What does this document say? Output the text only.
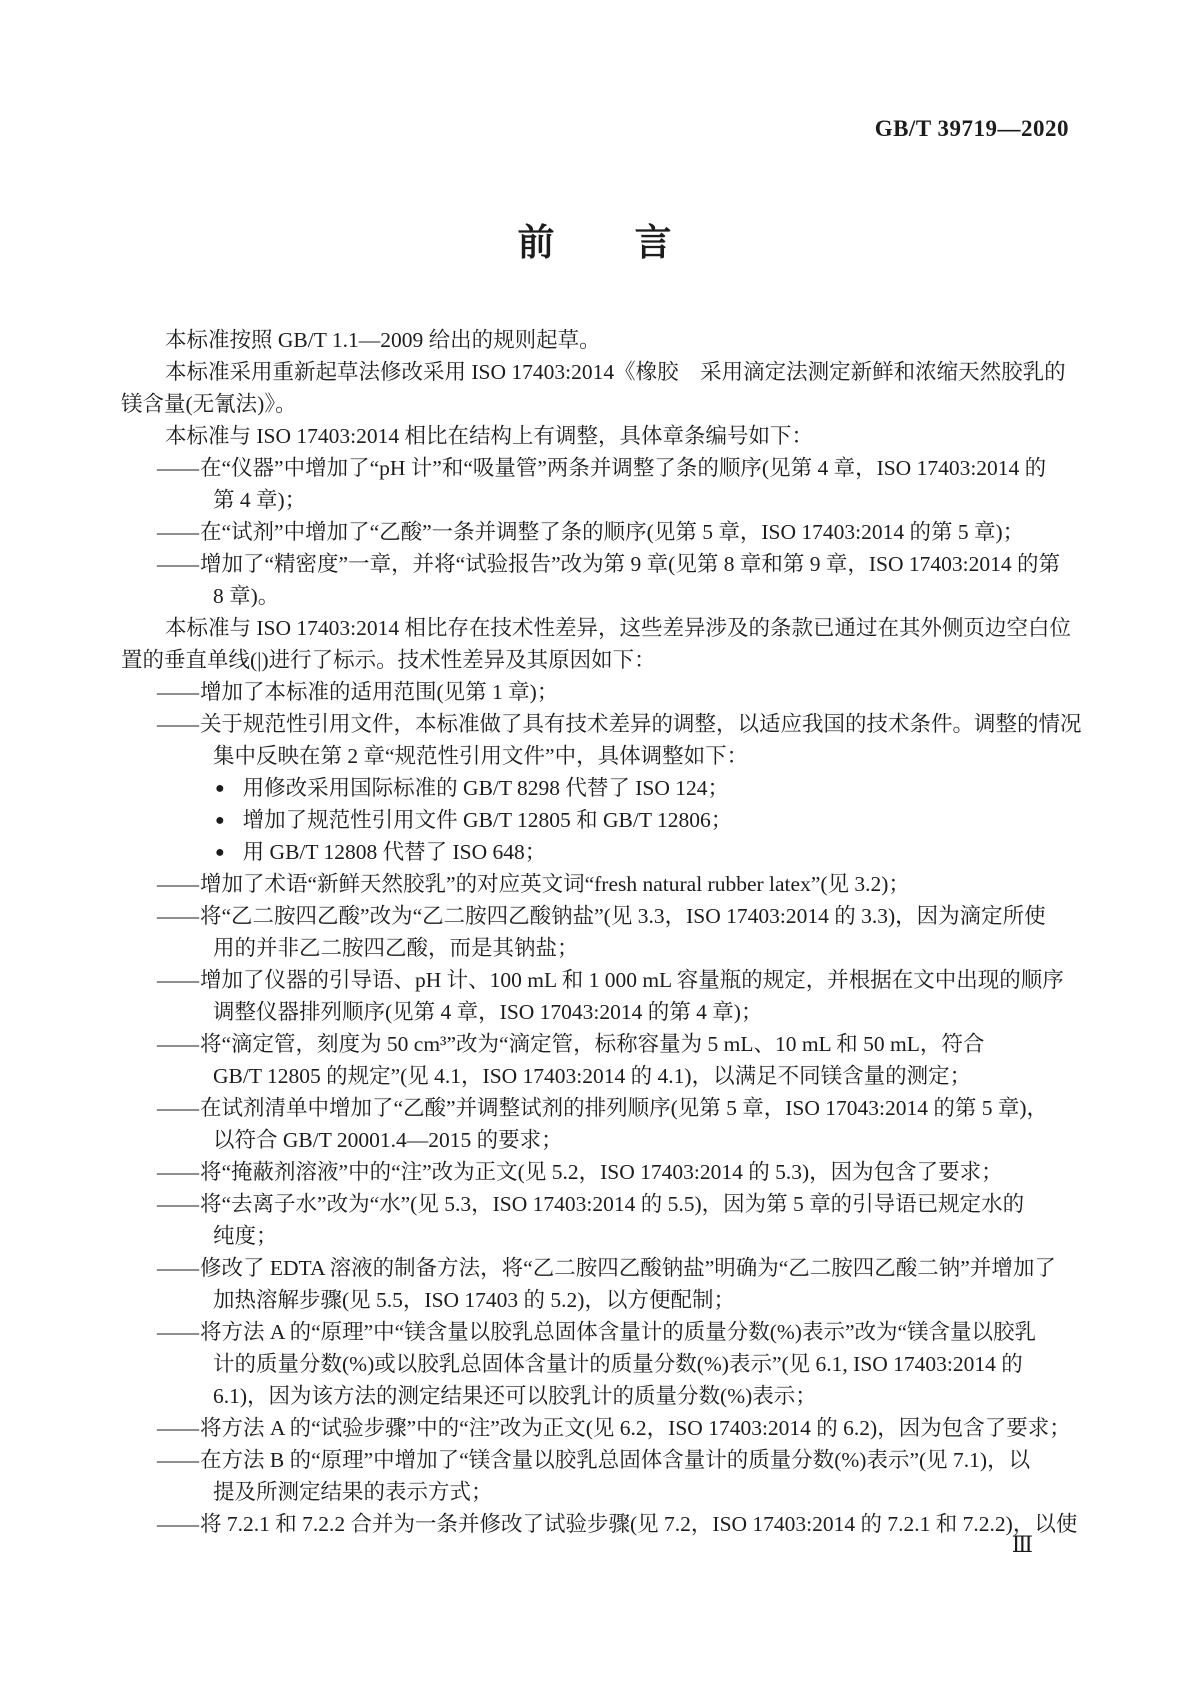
GB/T 39719—2020
前　　言
本标准按照 GB/T 1.1—2009 给出的规则起草。
本标准采用重新起草法修改采用 ISO 17403:2014《橡胶　采用滴定法测定新鲜和浓缩天然胶乳的
镁含量(无氰法)》。
本标准与 ISO 17403:2014 相比在结构上有调整，具体章条编号如下：
——在“仪器”中增加了“pH 计”和“吸量管”两条并调整了条的顺序(见第 4 章，ISO 17403:2014 的
第 4 章)；
——在“试剂”中增加了“乙酸”一条并调整了条的顺序(见第 5 章，ISO 17403:2014 的第 5 章)；
——增加了“精密度”一章，并将“试验报告”改为第 9 章(见第 8 章和第 9 章，ISO 17403:2014 的第
8 章)。
本标准与 ISO 17403:2014 相比存在技术性差异，这些差异涉及的条款已通过在其外侧页边空白位
置的垂直单线(|)进行了标示。技术性差异及其原因如下：
——增加了本标准的适用范围(见第 1 章)；
——关于规范性引用文件，本标准做了具有技术差异的调整，以适应我国的技术条件。调整的情况
集中反映在第 2 章“规范性引用文件”中，具体调整如下：
● 用修改采用国际标准的 GB/T 8298 代替了 ISO 124；
● 增加了规范性引用文件 GB/T 12805 和 GB/T 12806；
● 用 GB/T 12808 代替了 ISO 648；
——增加了术语“新鲜天然胶乳”的对应英文词“fresh natural rubber latex”(见 3.2)；
——将“乙二胺四乙酸”改为“乙二胺四乙酸钠盐”(见 3.3，ISO 17403:2014 的 3.3)，因为滴定所使
用的并非乙二胺四乙酸，而是其钠盐；
——增加了仪器的引导语、pH 计、100 mL 和 1 000 mL 容量瓶的规定，并根据在文中出现的顺序
调整仪器排列顺序(见第 4 章，ISO 17043:2014 的第 4 章)；
——将“滴定管，刻度为 50 cm³”改为“滴定管，标称容量为 5 mL、10 mL 和 50 mL，符合
GB/T 12805 的规定”(见 4.1，ISO 17403:2014 的 4.1)，以满足不同镁含量的测定；
——在试剂清单中增加了“乙酸”并调整试剂的排列顺序(见第 5 章，ISO 17043:2014 的第 5 章)，
以符合 GB/T 20001.4—2015 的要求；
——将“掩蔽剂溶液”中的“注”改为正文(见 5.2，ISO 17403:2014 的 5.3)，因为包含了要求；
——将“去离子水”改为“水”(见 5.3，ISO 17403:2014 的 5.5)，因为第 5 章的引导语已规定水的
纯度；
——修改了 EDTA 溶液的制备方法，将“乙二胺四乙酸钠盐”明确为“乙二胺四乙酸二钠”并增加了
加热溶解步骤(见 5.5，ISO 17403 的 5.2)，以方便配制；
——将方法 A 的“原理”中“镁含量以胶乳总固体含量计的质量分数(%)表示”改为“镁含量以胶乳
计的质量分数(%)或以胶乳总固体含量计的质量分数(%)表示”(见 6.1, ISO 17403:2014 的
6.1)，因为该方法的测定结果还可以胶乳计的质量分数(%)表示；
——将方法 A 的“试验步骤”中的“注”改为正文(见 6.2，ISO 17403:2014 的 6.2)，因为包含了要求；
——在方法 B 的“原理”中增加了“镁含量以胶乳总固体含量计的质量分数(%)表示”(见 7.1)，以
提及所测定结果的表示方式；
——将 7.2.1 和 7.2.2 合并为一条并修改了试验步骤(见 7.2，ISO 17403:2014 的 7.2.1 和 7.2.2)，以使
Ⅲ
